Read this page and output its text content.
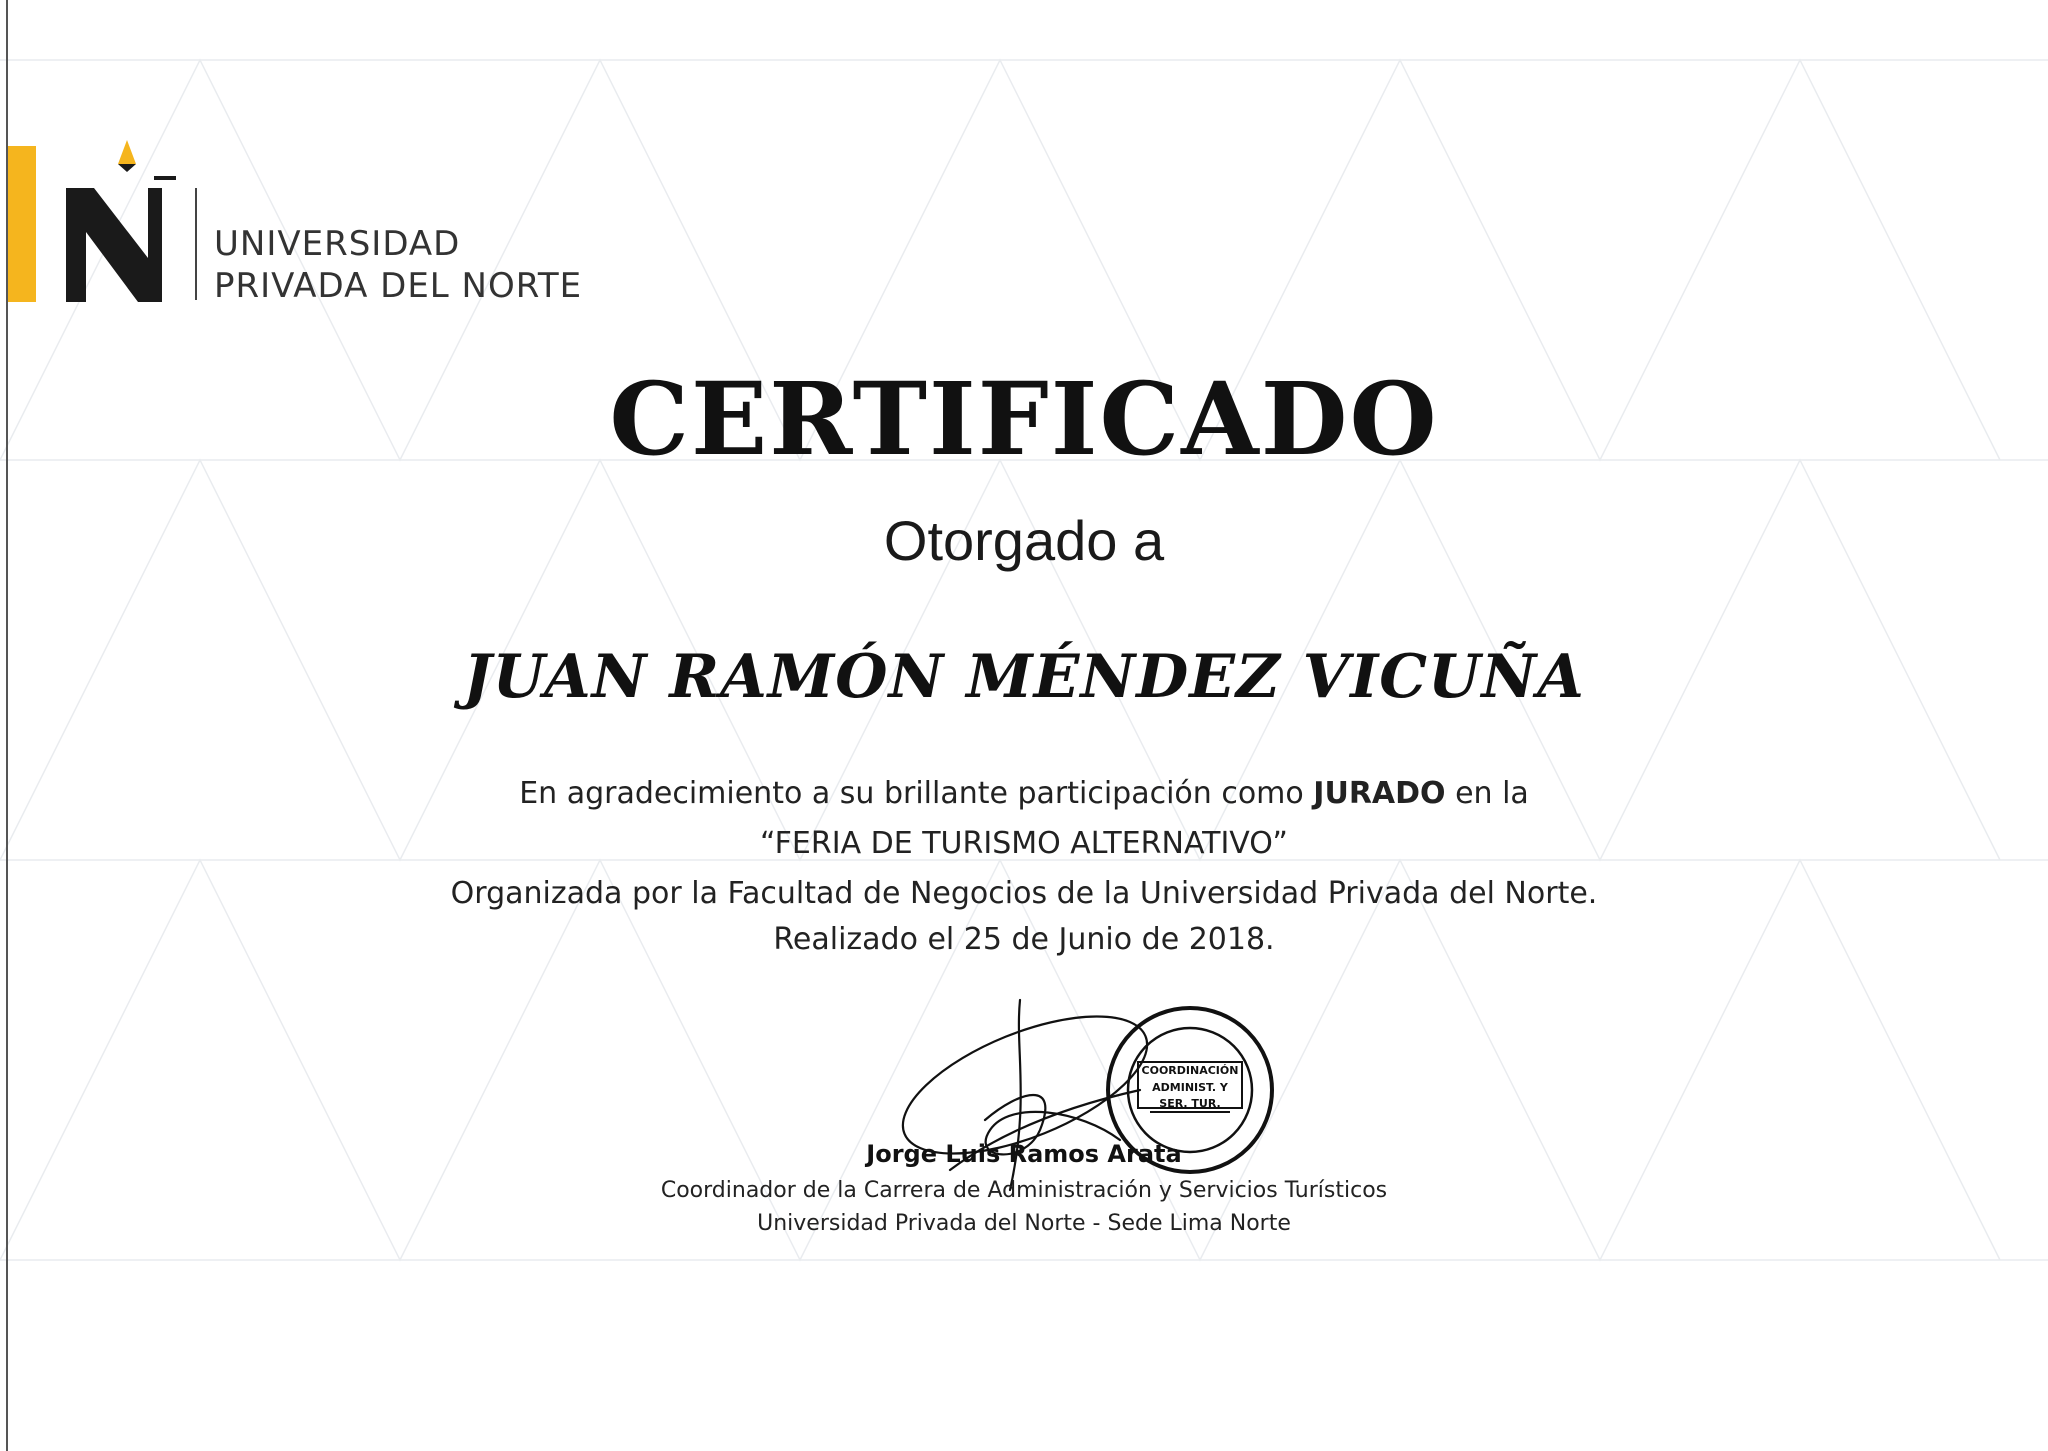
UNIVERSIDAD
PRIVADA DEL NORTE
CERTIFICADO
Otorgado a
JUAN RAMÓN MÉNDEZ VICUÑA
En agradecimiento a su brillante participación como JURADO en la
“FERIA DE TURISMO ALTERNATIVO”
Organizada por la Facultad de Negocios de la Universidad Privada del Norte.
Realizado el 25 de Junio de 2018.
COORDINACIÓN
ADMINIST. Y
SER. TUR.
Jorge Luis Ramos Arata
Coordinador de la Carrera de Administración y Servicios Turísticos
Universidad Privada del Norte - Sede Lima Norte
